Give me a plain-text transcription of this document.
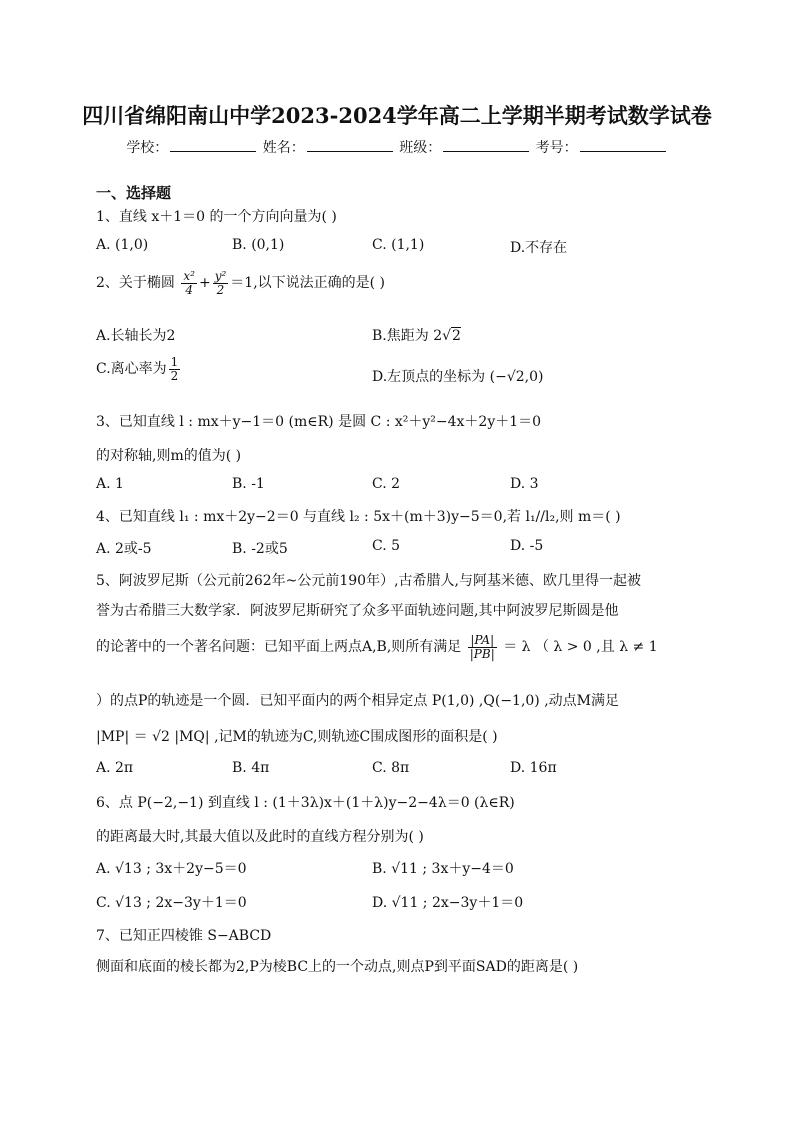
四川省绵阳南山中学2023-2024学年高二上学期半期考试数学试卷
学校：	姓名：	班级：	考号：
一、选择题
1、直线 x＋1＝0 的一个方向向量为( )
A. (1,0)	B. (0,1)	C. (1,1)	D.不存在
2、关于椭圆 $\frac{\text{x²}}{4} + \frac{\text{y²}}{2} =1$,以下说法正确的是( )
A.长轴长为2	B.焦距为 2√2
C.离心率为 $\frac{1}{2}$	D.左顶点的坐标为 (−√2,0)
3、已知直线 l : mx＋y−1＝0 (m∈R) 是圆 C : x²＋y²−4x＋2y＋1＝0
的对称轴,则m的值为( )
A. 1	B. -1	C. 2	D. 3
4、已知直线 l₁ : mx＋2y−2＝0 与直线 l₂ : 5x＋(m＋3)y−5＝0,若 l₁//l₂,则 m＝( )
A. 2或-5	B. -2或5	C. 5	D. -5
5、阿波罗尼斯（公元前262年~公元前190年）,古希腊人,与阿基米德、欧几里得一起被
誉为古希腊三大数学家．阿波罗尼斯研究了众多平面轨迹问题,其中阿波罗尼斯圆是他
的论著中的一个著名问题：已知平面上两点A,B,则所有满足 $\frac{|PA|}{|PB|} = \lambda$ （ λ > 0 ,且 λ ≠ 1
）的点P的轨迹是一个圆．已知平面内的两个相异定点 P(1,0) ,Q(−1,0) ,动点M满足
|MP| ＝ √2 |MQ| ,记M的轨迹为C,则轨迹C围成图形的面积是( )
A. 2π	B. 4π	C. 8π	D. 16π
6、点 P(−2,−1) 到直线 l : (1＋3λ)x＋(1＋λ)y−2−4λ＝0 (λ∈R)
的距离最大时,其最大值以及此时的直线方程分别为( )
A. √13 ; 3x＋2y−5＝0	B. √11 ; 3x＋y−4＝0
C. √13 ; 2x−3y＋1＝0	D. √11 ; 2x−3y＋1＝0
7、已知正四棱锥 S−ABCD
侧面和底面的棱长都为2,P为棱BC上的一个动点,则点P到平面SAD的距离是( )
